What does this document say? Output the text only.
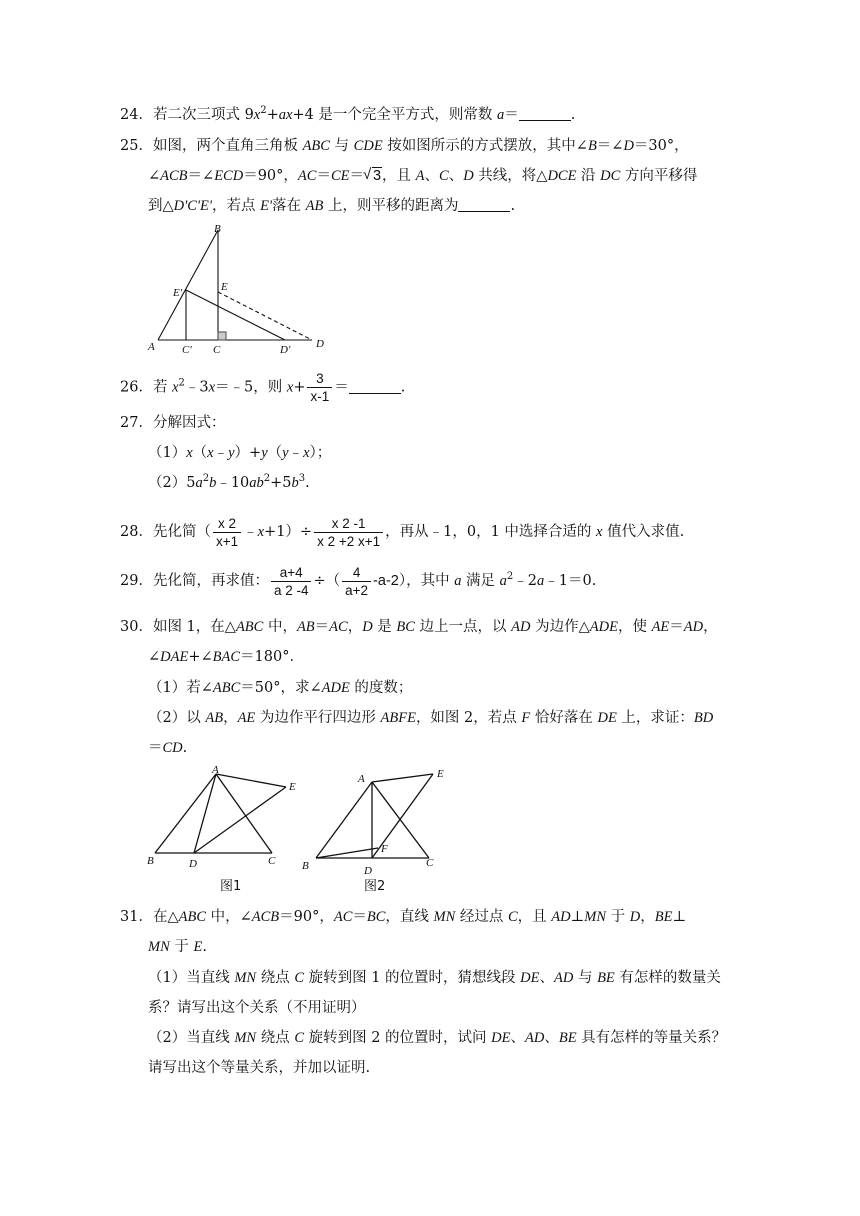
24．若二次三项式 $9x^2+ax+4$ 是一个完全平方式，则常数 a＝	.
25．如图，两个直角三角板 ABC 与 CDE 按如图所示的方式摆放，其中∠B＝∠D＝30°，
∠ACB＝∠ECD＝90°，AC＝CE＝ √ 3，且 A、C、D 共线，将△DCE 沿 DC 方向平移得
到△D'C'E'，若点 E'落在 AB 上，则平移的距离为	.
B
E'	E
A C' C	D' D
26．若 $x^2﹣3x=﹣5$，则 $x+ \frac{3}{x-1}$ ＝	.
27．分解因式：
（1）x（x﹣y）+y（y﹣x）；
$(2)5a^2b﹣10ab^2+5b^3$.
28．先化简（ $\frac{x 2}{x+1}$ ﹣x+1）÷ $\frac{x 2 -1}{x 2 +2 x+1}$ ，再从﹣1，0，1 中选择合适的 x 值代入求值.
29．先化简，再求值： $\frac{a+4}{a 2 -4}$ ÷（ $\frac{4}{a+2} -a-2$），其中 a 满足 $a^2﹣2a﹣1=0$.
30．如图 1，在△ABC 中，AB＝AC，D 是 BC 边上一点，以 AD 为边作△ADE，使 AE＝AD，
∠DAE+∠BAC＝180°．
（1）若∠ABC＝50°，求∠ADE 的度数；
（2）以 AB，AE 为边作平行四边形 ABFE，如图 2，若点 F 恰好落在 DE 上，求证：BD
＝CD.
A
E
B	D	C
图1
A	E
B
F
D
C
图2
31．在△ABC 中，∠ACB＝90°，AC＝BC，直线 MN 经过点 C，且 AD⊥MN 于 D，BE⊥
MN 于 E.
（1）当直线 MN 绕点 C 旋转到图 1 的位置时，猜想线段 DE、AD 与 BE 有怎样的数量关
系？请写出这个关系（不用证明）
（2）当直线 MN 绕点 C 旋转到图 2 的位置时，试问 DE、AD、BE 具有怎样的等量关系？
请写出这个等量关系，并加以证明.
